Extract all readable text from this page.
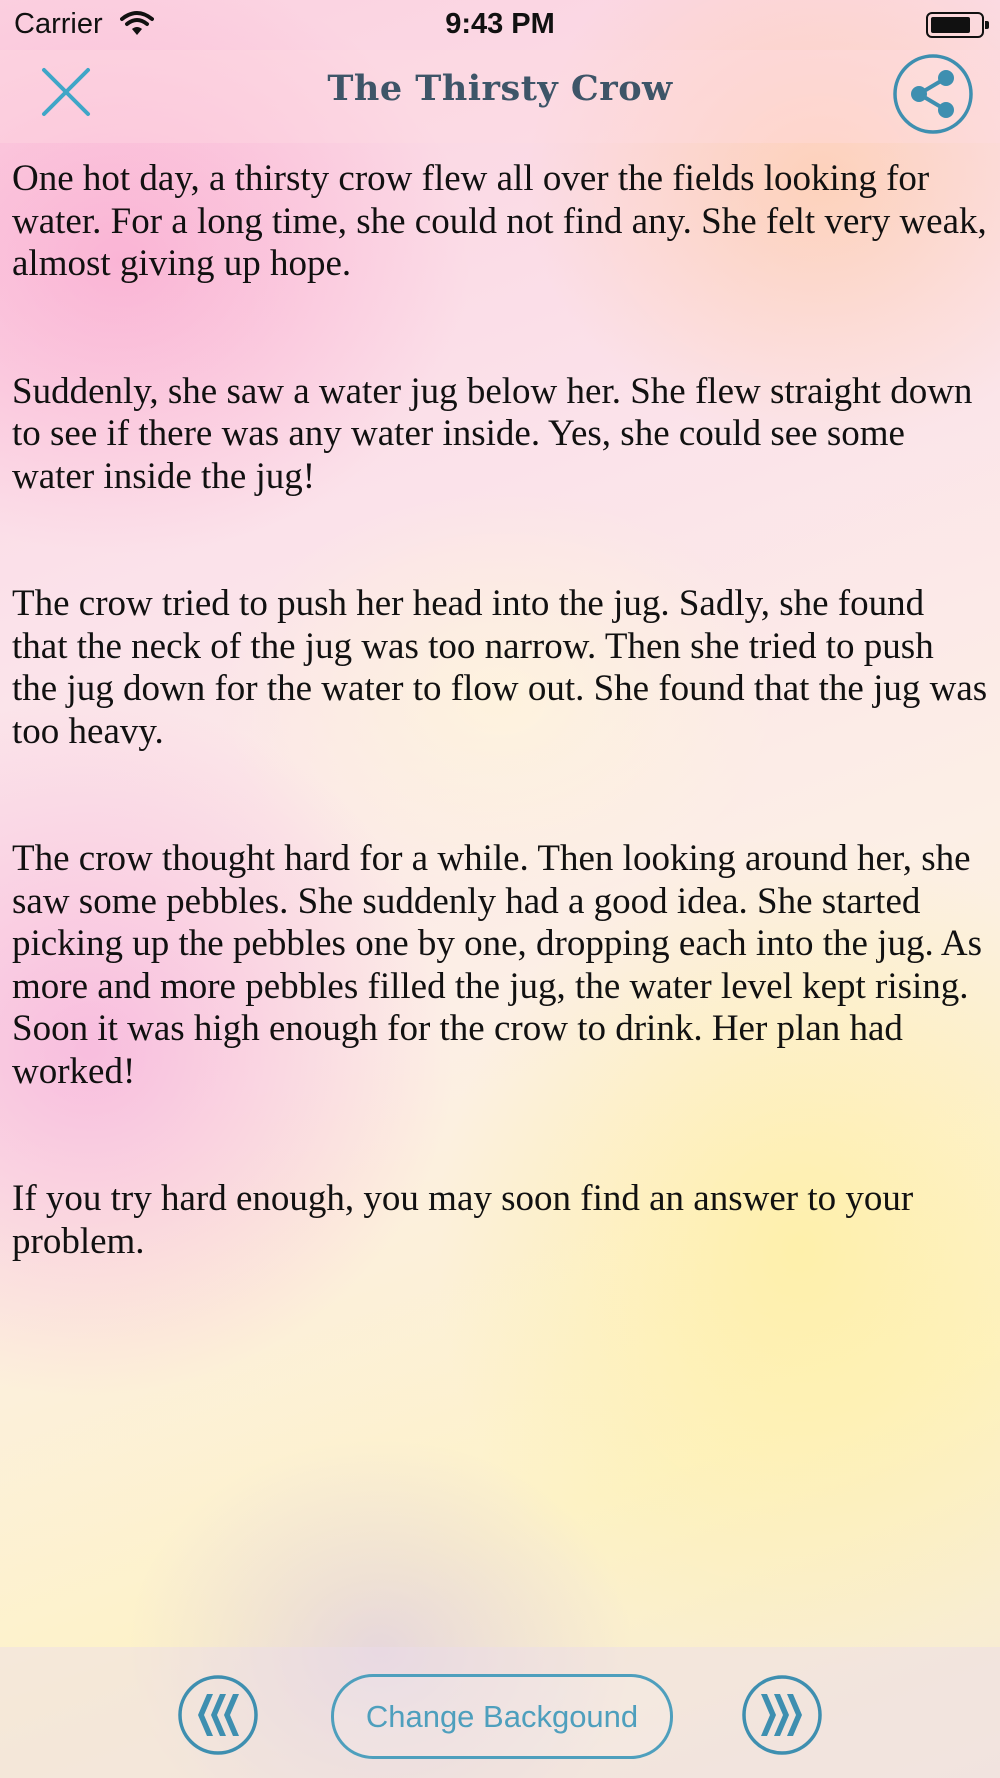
Carrier	9:43 PM
The Thirsty Crow

One hot day, a thirsty crow flew all over the fields looking for water. For a long time, she could not find any. She felt very weak, almost giving up hope.

Suddenly, she saw a water jug below her. She flew straight down to see if there was any water inside. Yes, she could see some water inside the jug!

The crow tried to push her head into the jug. Sadly, she found that the neck of the jug was too narrow. Then she tried to push the jug down for the water to flow out. She found that the jug was too heavy.

The crow thought hard for a while. Then looking around her, she saw some pebbles. She suddenly had a good idea. She started picking up the pebbles one by one, dropping each into the jug. As more and more pebbles filled the jug, the water level kept rising. Soon it was high enough for the crow to drink. Her plan had worked!

If you try hard enough, you may soon find an answer to your problem.

Change Backgound
